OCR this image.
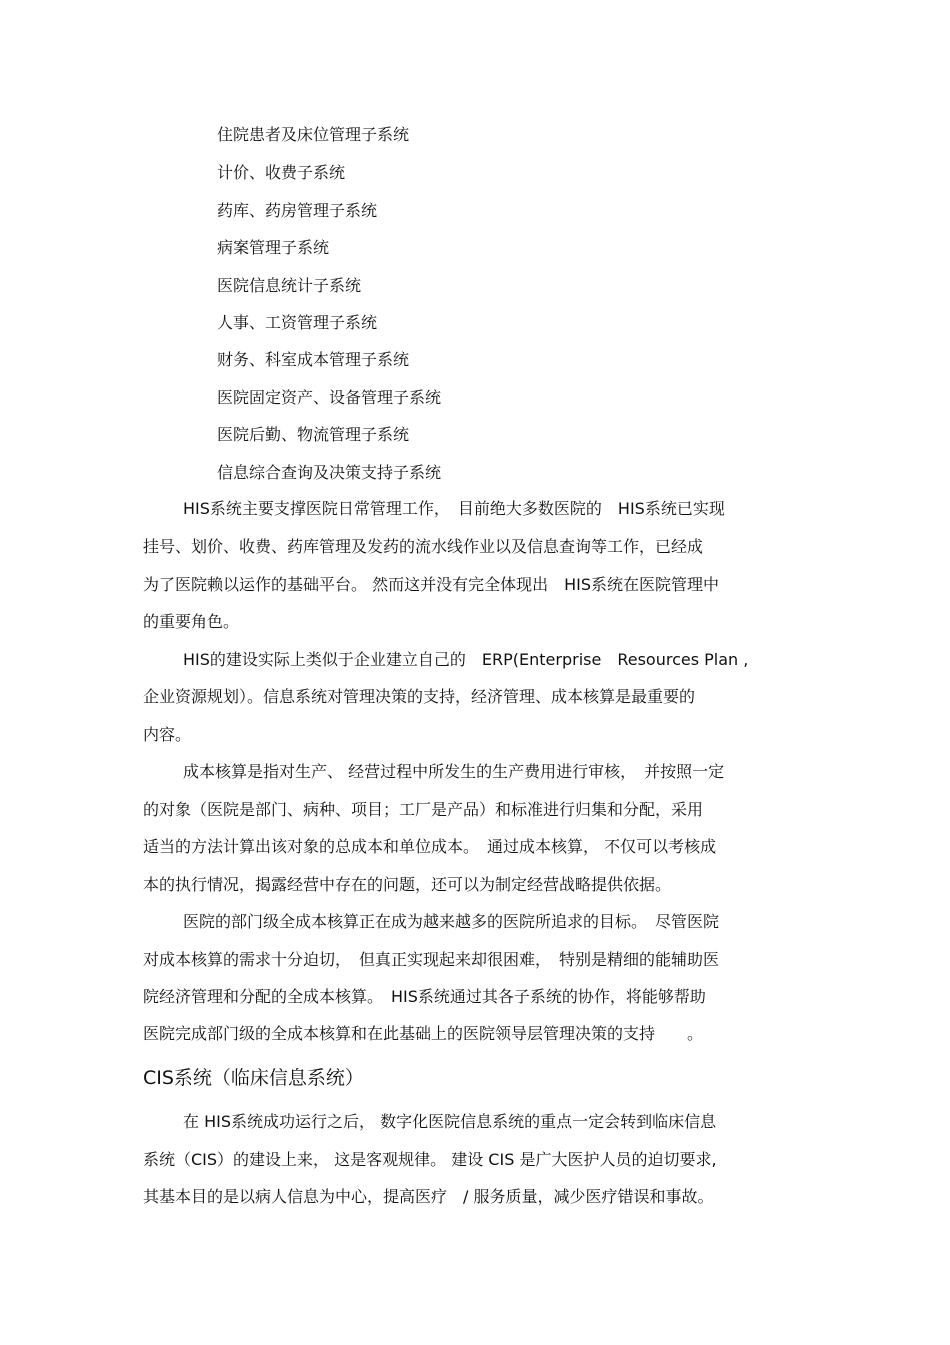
住院患者及床位管理子系统
计价、收费子系统
药库、药房管理子系统
病案管理子系统
医院信息统计子系统
人事、工资管理子系统
财务、科室成本管理子系统
医院固定资产、设备管理子系统
医院后勤、物流管理子系统
信息综合查询及决策支持子系统
HIS系统主要支撑医院日常管理工作，　目前绝大多数医院的　HIS系统已实现
挂号、划价、收费、药库管理及发药的流水线作业以及信息查询等工作，已经成
为了医院赖以运作的基础平台。 然而这并没有完全体现出　HIS系统在医院管理中
的重要角色。
HIS的建设实际上类似于企业建立自己的　ERP(Enterprise　Resources Plan ,
企业资源规划）。信息系统对管理决策的支持，经济管理、成本核算是最重要的
内容。
成本核算是指对生产、 经营过程中所发生的生产费用进行审核，　并按照一定
的对象（医院是部门、病种、项目；工厂是产品）和标准进行归集和分配，采用
适当的方法计算出该对象的总成本和单位成本。　通过成本核算， 不仅可以考核成
本的执行情况，揭露经营中存在的问题，还可以为制定经营战略提供依据。
医院的部门级全成本核算正在成为越来越多的医院所追求的目标。　尽管医院
对成本核算的需求十分迫切，　但真正实现起来却很困难，　特别是精细的能辅助医
院经济管理和分配的全成本核算。　HIS系统通过其各子系统的协作，将能够帮助
医院完成部门级的全成本核算和在此基础上的医院领导层管理决策的支持　　。
CIS系统（临床信息系统）
在 HIS系统成功运行之后， 数字化医院信息系统的重点一定会转到临床信息
系统（CIS）的建设上来， 这是客观规律。 建设 CIS 是广大医护人员的迫切要求,
其基本目的是以病人信息为中心，提高医疗　/ 服务质量，减少医疗错误和事故。
